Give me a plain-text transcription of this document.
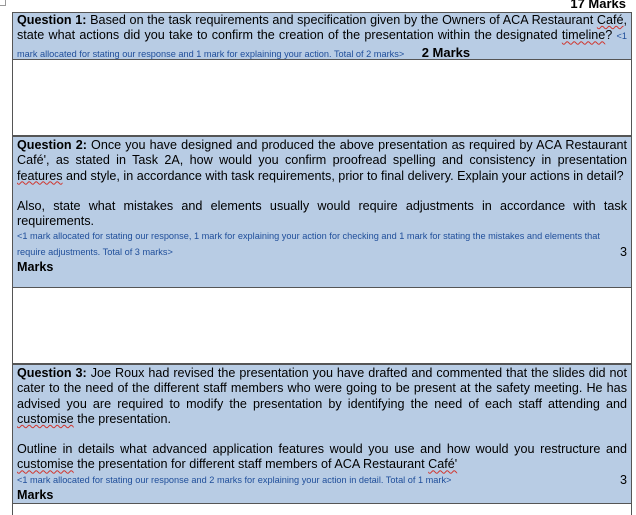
17 Marks

Question 1: Based on the task requirements and specification given by the Owners of ACA Restaurant Café, state what actions did you take to confirm the creation of the presentation within the designated timeline? <1 mark allocated for stating our response and 1 mark for explaining your action. Total of 2 marks> 2 Marks

Question 2: Once you have designed and produced the above presentation as required by ACA Restaurant Café', as stated in Task 2A, how would you confirm proofread spelling and consistency in presentation features and style, in accordance with task requirements, prior to final delivery. Explain your actions in detail?

Also, state what mistakes and elements usually would require adjustments in accordance with task requirements.

<1 mark allocated for stating our response, 1 mark for explaining your action for checking and 1 mark for stating the mistakes and elements that require adjustments. Total of 3 marks>	3

Marks

Question 3: Joe Roux had revised the presentation you have drafted and commented that the slides did not cater to the need of the different staff members who were going to be present at the safety meeting. He has advised you are required to modify the presentation by identifying the need of each staff attending and customise the presentation.

Outline in details what advanced application features would you use and how would you restructure and customise the presentation for different staff members of ACA Restaurant Café'

<1 mark allocated for stating our response and 2 marks for explaining your action in detail. Total of 1 mark>	3

Marks
